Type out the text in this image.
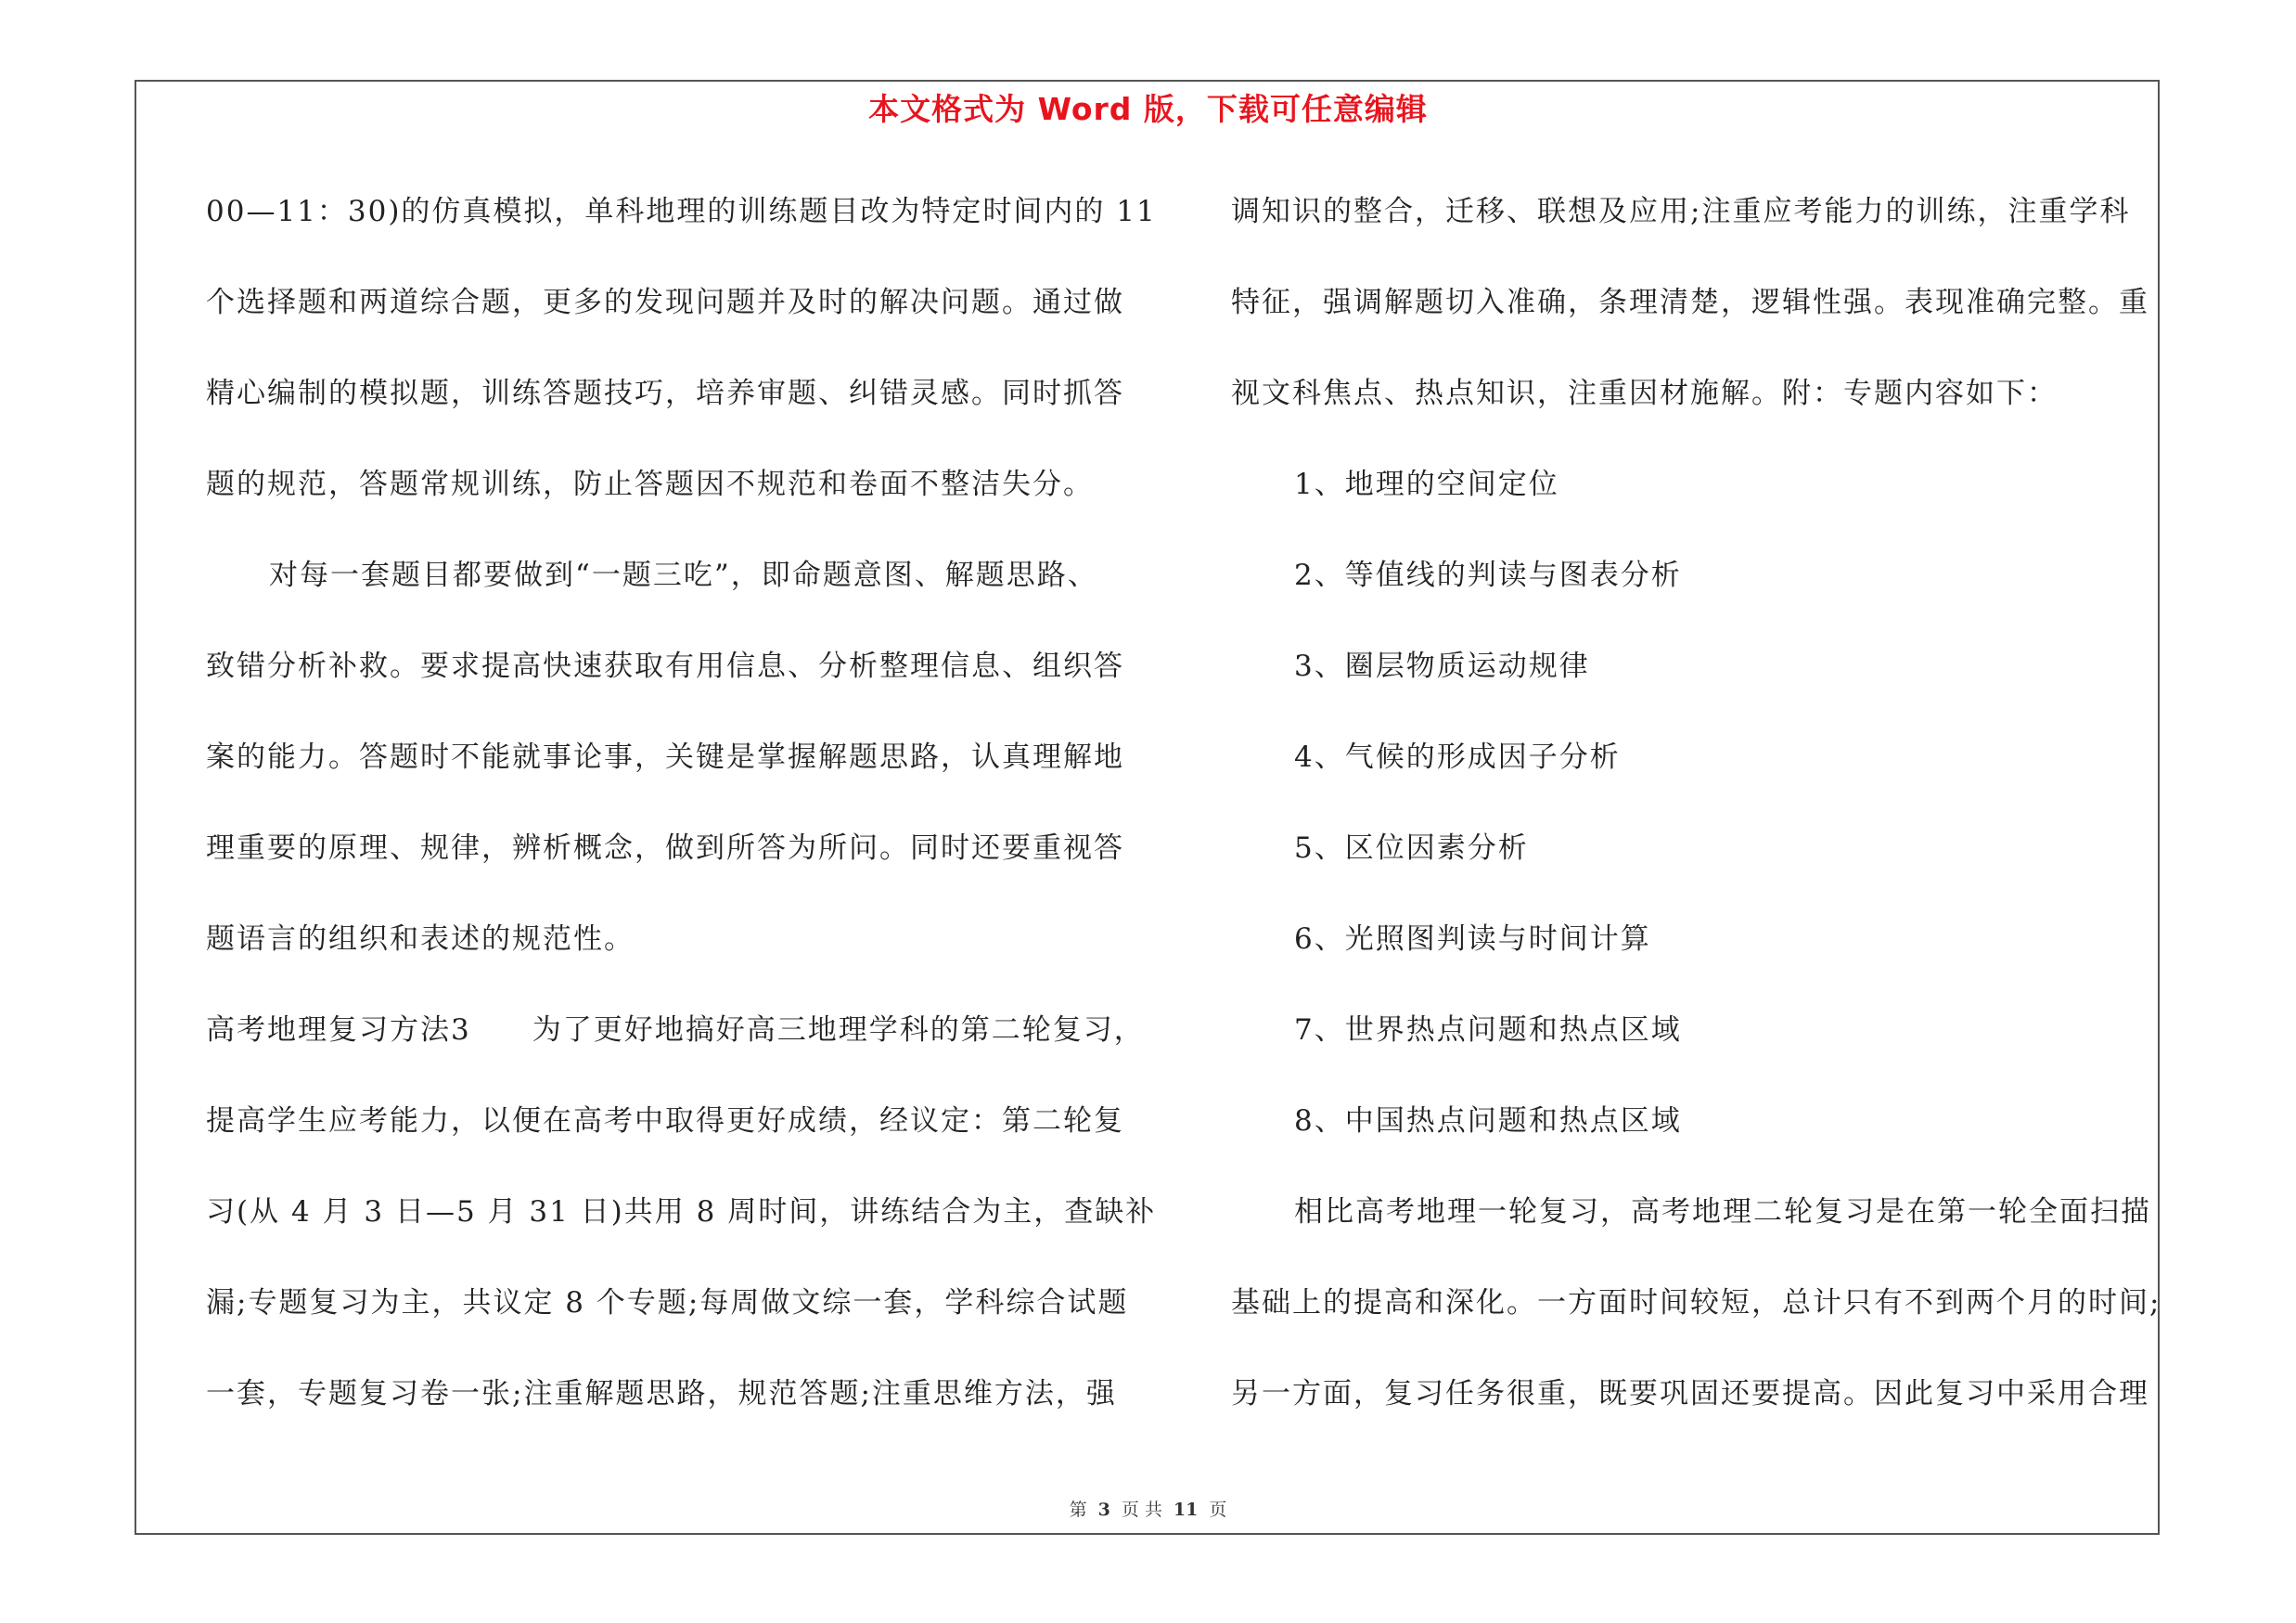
本文格式为 Word 版，下载可任意编辑
00—11：30)的仿真模拟，单科地理的训练题目改为特定时间内的 11
个选择题和两道综合题，更多的发现问题并及时的解决问题。通过做
精心编制的模拟题，训练答题技巧，培养审题、纠错灵感。同时抓答
题的规范，答题常规训练，防止答题因不规范和卷面不整洁失分。
对每一套题目都要做到“一题三吃”，即命题意图、解题思路、
致错分析补救。要求提高快速获取有用信息、分析整理信息、组织答
案的能力。答题时不能就事论事，关键是掌握解题思路，认真理解地
理重要的原理、规律，辨析概念，做到所答为所问。同时还要重视答
题语言的组织和表述的规范性。
高考地理复习方法3　　为了更好地搞好高三地理学科的第二轮复习，
提高学生应考能力，以便在高考中取得更好成绩，经议定：第二轮复
习(从 4 月 3 日—5 月 31 日)共用 8 周时间，讲练结合为主，查缺补
漏;专题复习为主，共议定 8 个专题;每周做文综一套，学科综合试题
一套，专题复习卷一张;注重解题思路，规范答题;注重思维方法，强
调知识的整合，迁移、联想及应用;注重应考能力的训练，注重学科
特征，强调解题切入准确，条理清楚，逻辑性强。表现准确完整。重
视文科焦点、热点知识，注重因材施解。附：专题内容如下：
1、地理的空间定位
2、等值线的判读与图表分析
3、圈层物质运动规律
4、气候的形成因子分析
5、区位因素分析
6、光照图判读与时间计算
7、世界热点问题和热点区域
8、中国热点问题和热点区域
相比高考地理一轮复习，高考地理二轮复习是在第一轮全面扫描
基础上的提高和深化。一方面时间较短，总计只有不到两个月的时间;
另一方面，复习任务很重，既要巩固还要提高。因此复习中采用合理
第 3 页 共 11 页
